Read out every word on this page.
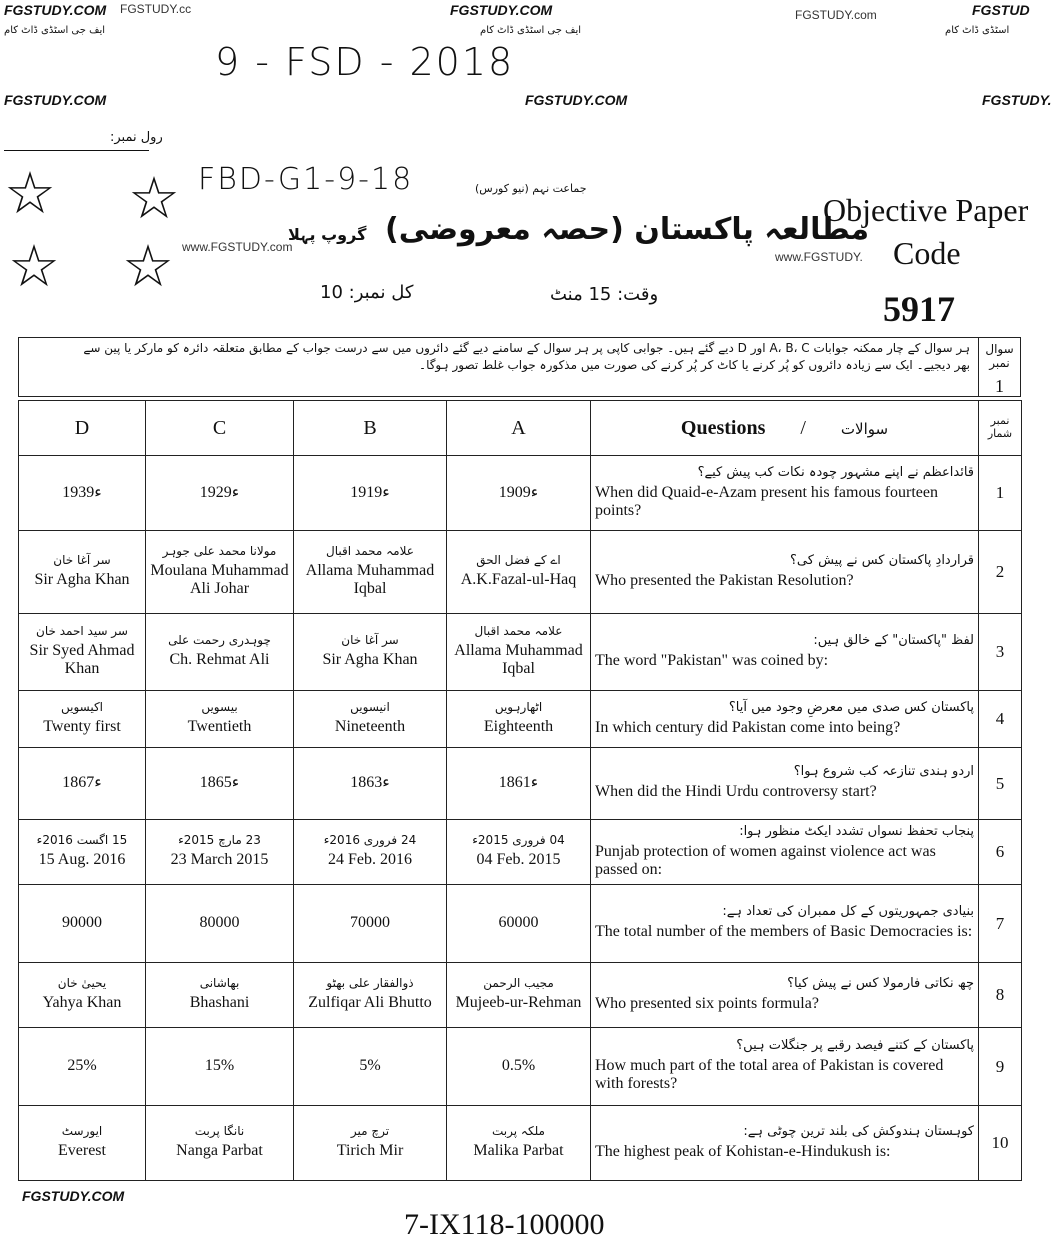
FGSTUDY.COM FGSTUDY.cc	FGSTUDY.COM	FGSTUDY.com	FGSTUD
ایف جی اسٹڈی ڈاٹ کام	ایف جی اسٹڈی ڈاٹ کام	اسٹڈی ڈاٹ کام
9 - FSD - 2018
FGSTUDY.COM	FGSTUDY.COM	FGSTUDY.
رول نمبر:
FBD-G1-9-18	جماعت نہم (نیو کورس)
☆ ☆
☆ ☆ www.FGSTUDY.com
گروپ پہلا مطالعہ پاکستان (حصہ معروضی)
Objective Paper
www.FGSTUDY. Code
کل نمبر: 10	وقت: 15 منٹ	5917
ہر سوال کے چار ممکنہ جوابات A، B، C اور D دیے گئے ہیں۔ جوابی کاپی پر ہر سوال کے سامنے دیے گئے دائروں میں سے درست جواب کے مطابق متعلقہ دائرہ کو مارکر یا پین سے
بھر دیجیے۔ ایک سے زیادہ دائروں کو پُر کرنے یا کاٹ کر پُر کرنے کی صورت میں مذکورہ جواب غلط تصور ہوگا۔
سوال نمبر
1
D	C	B	A	Questions / سوالات	نمبر شمار
1939ء	1929ء	1919ء	1909ء	قائداعظم نے اپنے مشہور چودہ نکات کب پیش کیے؟
When did Quaid-e-Azam present his famous fourteen points?	1

سر آغا خان
Sir Agha Khan	مولانا محمد علی جوہر
Moulana Muhammad Ali Johar	علامہ محمد اقبال
Allama Muhammad Iqbal	اے کے فضل الحق
A.K.Fazal-ul-Haq	قراردادِ پاکستان کس نے پیش کی؟
Who presented the Pakistan Resolution?	2

سر سید احمد خان
Sir Syed Ahmad Khan	چوہدری رحمت علی
Ch. Rehmat Ali	سر آغا خان
Sir Agha Khan	علامہ محمد اقبال
Allama Muhammad Iqbal	لفظ "پاکستان" کے خالق ہیں:
The word "Pakistan" was coined by:	3

اکیسویں
Twenty first	بیسویں
Twentieth	انیسویں
Nineteenth	اٹھارہویں
Eighteenth	پاکستان کس صدی میں معرضِ وجود میں آیا؟
In which century did Pakistan come into being?	4
1867ء	1865ء	1863ء	1861ء	اردو ہندی تنازعہ کب شروع ہوا؟
When did the Hindi Urdu controversy start?	5

15 اگست 2016ء
15 Aug. 2016	23 مارچ 2015ء
23 March 2015	24 فروری 2016ء
24 Feb. 2016	04 فروری 2015ء
04 Feb. 2015	پنجاب تحفظ نسواں تشدد ایکٹ منظور ہوا:
Punjab protection of women against violence act was passed on:	6
90000	80000	70000	60000	بنیادی جمہوریتوں کے کل ممبران کی تعداد ہے:
The total number of the members of Basic Democracies is:	7

یحییٰ خان
Yahya Khan	بھاشانی
Bhashani	ذوالفقار علی بھٹو
Zulfiqar Ali Bhutto	مجیب الرحمن
Mujeeb-ur-Rehman	چھ نکاتی فارمولا کس نے پیش کیا؟
Who presented six points formula?	8
25%	15%	5%	0.5%	پاکستان کے کتنے فیصد رقبے پر جنگلات ہیں؟
How much part of the total area of Pakistan is covered with forests?	9

ایورسٹ
Everest	نانگا پربت
Nanga Parbat	ترچ میر
Tirich Mir	ملکہ پربت
Malika Parbat	کوہستان ہندوکش کی بلند ترین چوٹی ہے:
The highest peak of Kohistan-e-Hindukush is:	10
FGSTUDY.COM
7-IX118-100000
